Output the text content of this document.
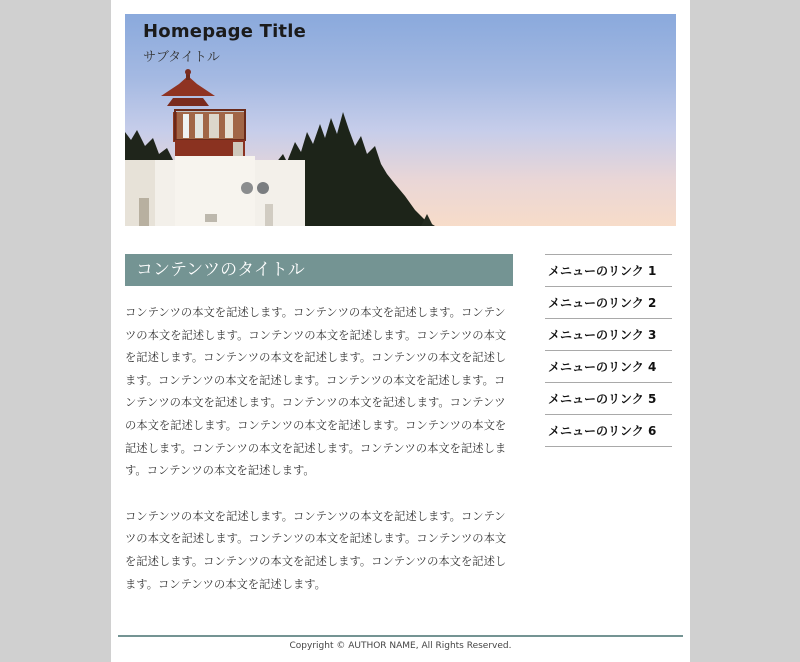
Homepage Title

サブタイトル

コンテンツのタイトル

コンテンツの本文を記述します。コンテンツの本文を記述します。コンテンツの本文を記述します。コンテンツの本文を記述します。コンテンツの本文を記述します。コンテンツの本文を記述します。コンテンツの本文を記述します。コンテンツの本文を記述します。コンテンツの本文を記述します。コンテンツの本文を記述します。コンテンツの本文を記述します。コンテンツの本文を記述します。コンテンツの本文を記述します。コンテンツの本文を記述します。コンテンツの本文を記述します。コンテンツの本文を記述します。コンテンツの本文を記述します。

コンテンツの本文を記述します。コンテンツの本文を記述します。コンテンツの本文を記述します。コンテンツの本文を記述します。コンテンツの本文を記述します。コンテンツの本文を記述します。コンテンツの本文を記述します。コンテンツの本文を記述します。

メニューのリンク 1
メニューのリンク 2
メニューのリンク 3
メニューのリンク 4
メニューのリンク 5
メニューのリンク 6

Copyright © AUTHOR NAME, All Rights Reserved.
